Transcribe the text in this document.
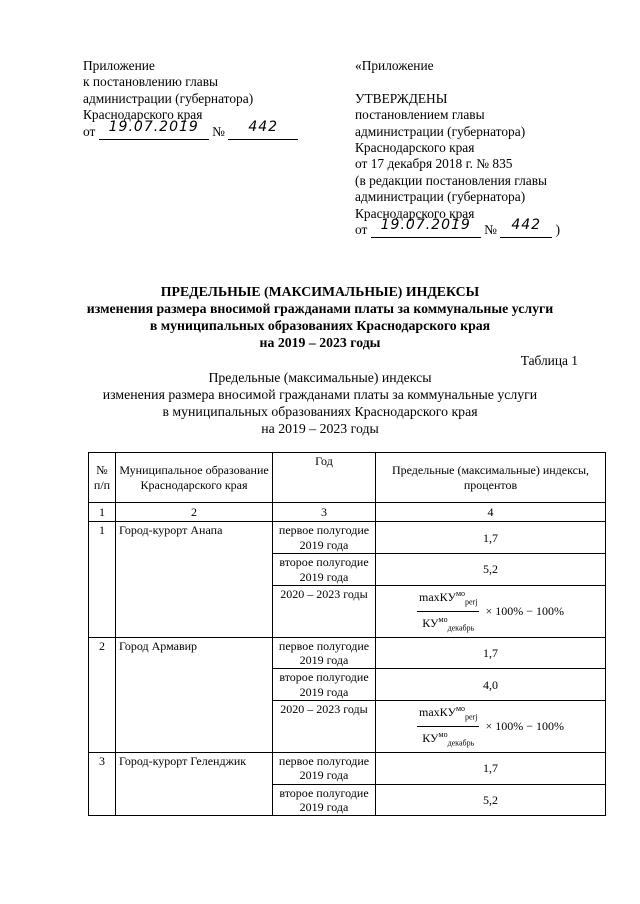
Приложение
к постановлению главы
администрации (губернатора)
Краснодарского края
от 19.07.2019 №	442
«Приложение
УТВЕРЖДЕНЫ
постановлением главы
администрации (губернатора)
Краснодарского края
от 17 декабря 2018 г. № 835
(в редакции постановления главы
администрации (губернатора)
Краснодарского края
от 19.07.2019 №	442	)
ПРЕДЕЛЬНЫЕ (МАКСИМАЛЬНЫЕ) ИНДЕКСЫ
изменения размера вносимой гражданами платы за коммунальные услуги
в муниципальных образованиях Краснодарского края
на 2019 – 2023 годы
Таблица 1
Предельные (максимальные) индексы
изменения размера вносимой гражданами платы за коммунальные услуги
в муниципальных образованиях Краснодарского края
на 2019 – 2023 годы
№ п/п	Муниципальное образование Краснодарского края	Год	Предельные (максимальные) индексы, процентов
1	2	3	4
1	Город-курорт Анапа	первое полугодие 2019 года	1,7
		второе полугодие 2019 года	5,2
		2020 – 2023 годы	$\frac{\max КУ^{мо}_{perj}}{КУ^{мо}_{декабрь}} \times 100\% - 100\%$

2	Город Армавир	первое полугодие 2019 года	1,7
		второе полугодие 2019 года	4,0
		2020 – 2023 годы	$\frac{\max КУ^{мо}_{perj}}{КУ^{мо}_{декабрь}} \times 100\% - 100\%$

3	Город-курорт Геленджик	первое полугодие 2019 года	1,7
		второе полугодие 2019 года	5,2
